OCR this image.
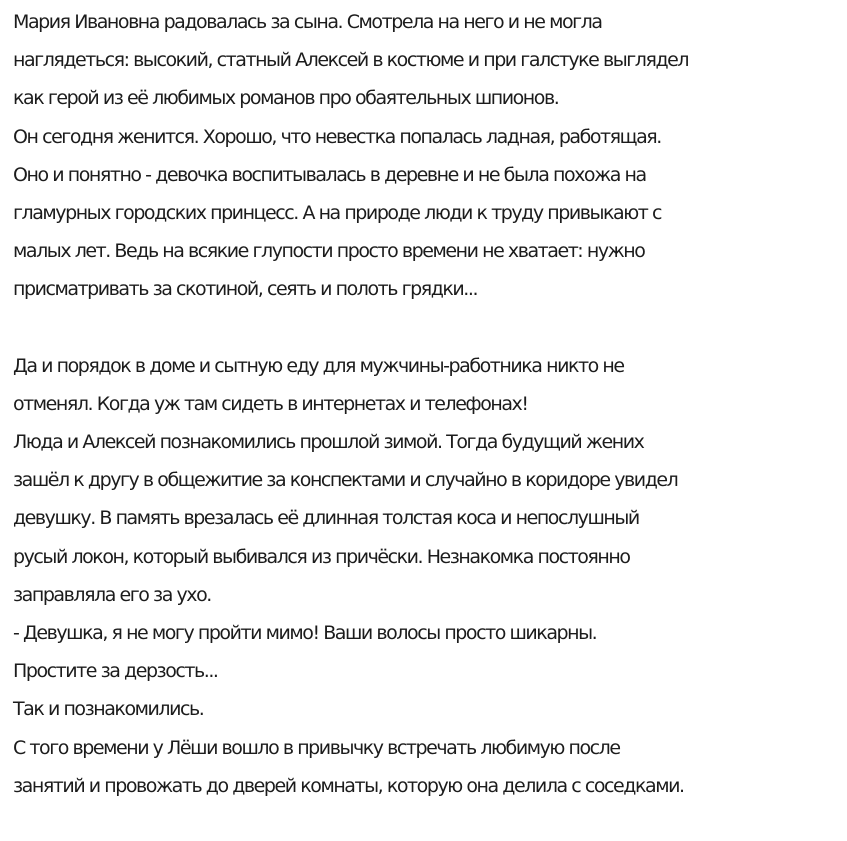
Мария Ивановна радовалась за сына. Смотрела на него и не могла
наглядеться: высокий, статный Алексей в костюме и при галстуке выглядел
как герой из её любимых романов про обаятельных шпионов.
Он сегодня женится. Хорошо, что невестка попалась ладная, работящая.
Оно и понятно - девочка воспитывалась в деревне и не была похожа на
гламурных городских принцесс. А на природе люди к труду привыкают с
малых лет. Ведь на всякие глупости просто времени не хватает: нужно
присматривать за скотиной, сеять и полоть грядки...
Да и порядок в доме и сытную еду для мужчины-работника никто не
отменял. Когда уж там сидеть в интернетах и телефонах!
Люда и Алексей познакомились прошлой зимой. Тогда будущий жених
зашёл к другу в общежитие за конспектами и случайно в коридоре увидел
девушку. В память врезалась её длинная толстая коса и непослушный
русый локон, который выбивался из причёски. Незнакомка постоянно
заправляла его за ухо.
- Девушка, я не могу пройти мимо! Ваши волосы просто шикарны.
Простите за дерзость...
Так и познакомились.
С того времени у Лёши вошло в привычку встречать любимую после
занятий и провожать до дверей комнаты, которую она делила с соседками.
